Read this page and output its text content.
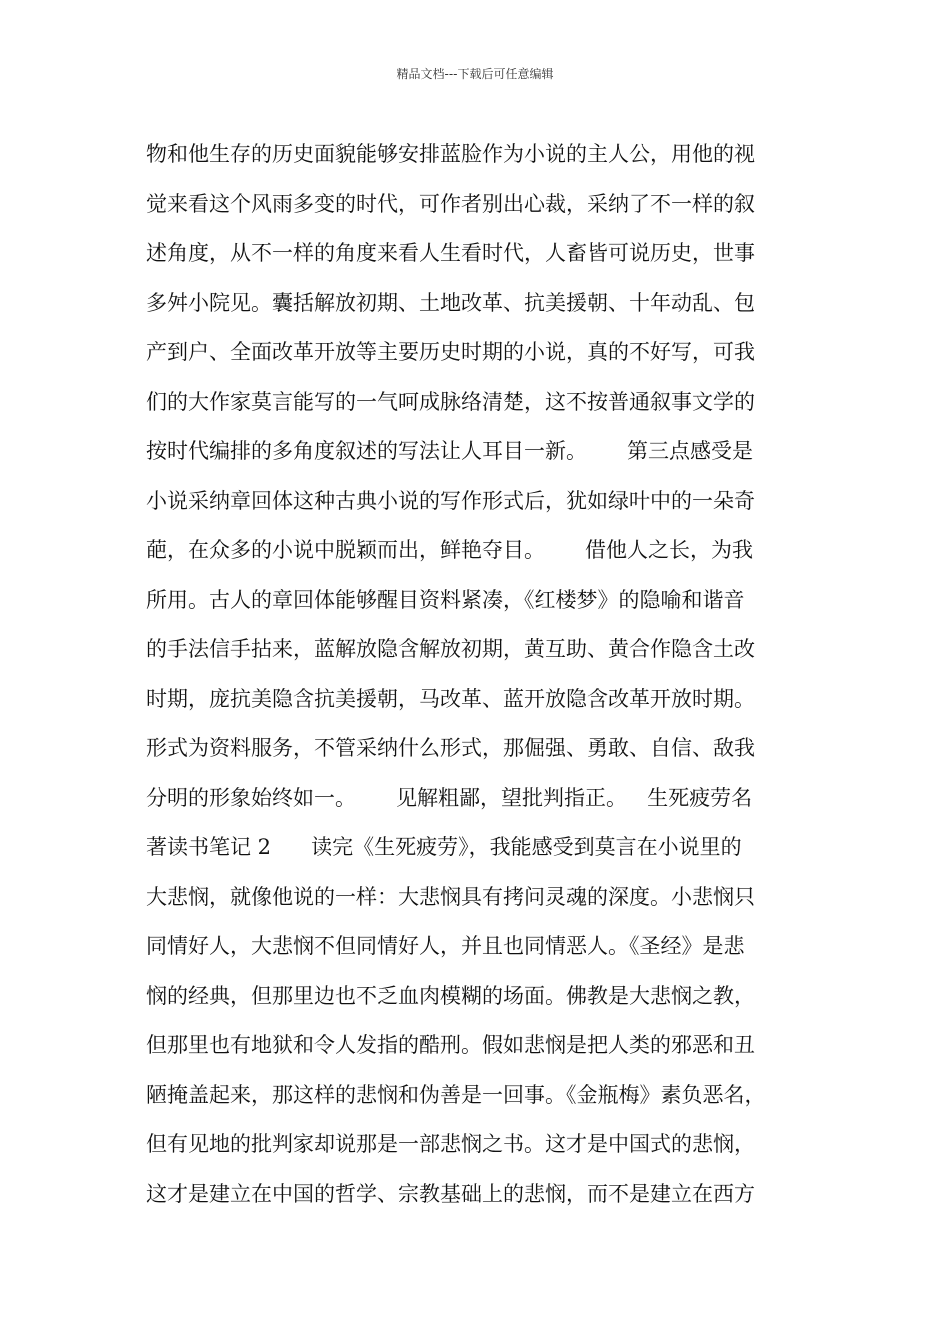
精品文档---下载后可任意编辑
物和他生存的历史面貌能够安排蓝脸作为小说的主人公，用他的视
觉来看这个风雨多变的时代，可作者别出心裁，采纳了不一样的叙
述角度，从不一样的角度来看人生看时代，人畜皆可说历史，世事
多舛小院见。囊括解放初期、土地改革、抗美援朝、十年动乱、包
产到户、全面改革开放等主要历史时期的小说，真的不好写，可我
们的大作家莫言能写的一气呵成脉络清楚，这不按普通叙事文学的
按时代编排的多角度叙述的写法让人耳目一新。      第三点感受是
小说采纳章回体这种古典小说的写作形式后，犹如绿叶中的一朵奇
葩，在众多的小说中脱颖而出，鲜艳夺目。      借他人之长，为我
所用。古人的章回体能够醒目资料紧凑，《红楼梦》的隐喻和谐音
的手法信手拈来，蓝解放隐含解放初期，黄互助、黄合作隐含土改
时期，庞抗美隐含抗美援朝，马改革、蓝开放隐含改革开放时期。
形式为资料服务，不管采纳什么形式，那倔强、勇敢、自信、敌我
分明的形象始终如一。      见解粗鄙，望批判指正。   生死疲劳名
著读书笔记 2      读完《生死疲劳》，我能感受到莫言在小说里的
大悲悯，就像他说的一样：大悲悯具有拷问灵魂的深度。小悲悯只
同情好人，大悲悯不但同情好人，并且也同情恶人。《圣经》是悲
悯的经典，但那里边也不乏血肉模糊的场面。佛教是大悲悯之教，
但那里也有地狱和令人发指的酷刑。假如悲悯是把人类的邪恶和丑
陋掩盖起来，那这样的悲悯和伪善是一回事。《金瓶梅》素负恶名，
但有见地的批判家却说那是一部悲悯之书。这才是中国式的悲悯，
这才是建立在中国的哲学、宗教基础上的悲悯，而不是建立在西方
